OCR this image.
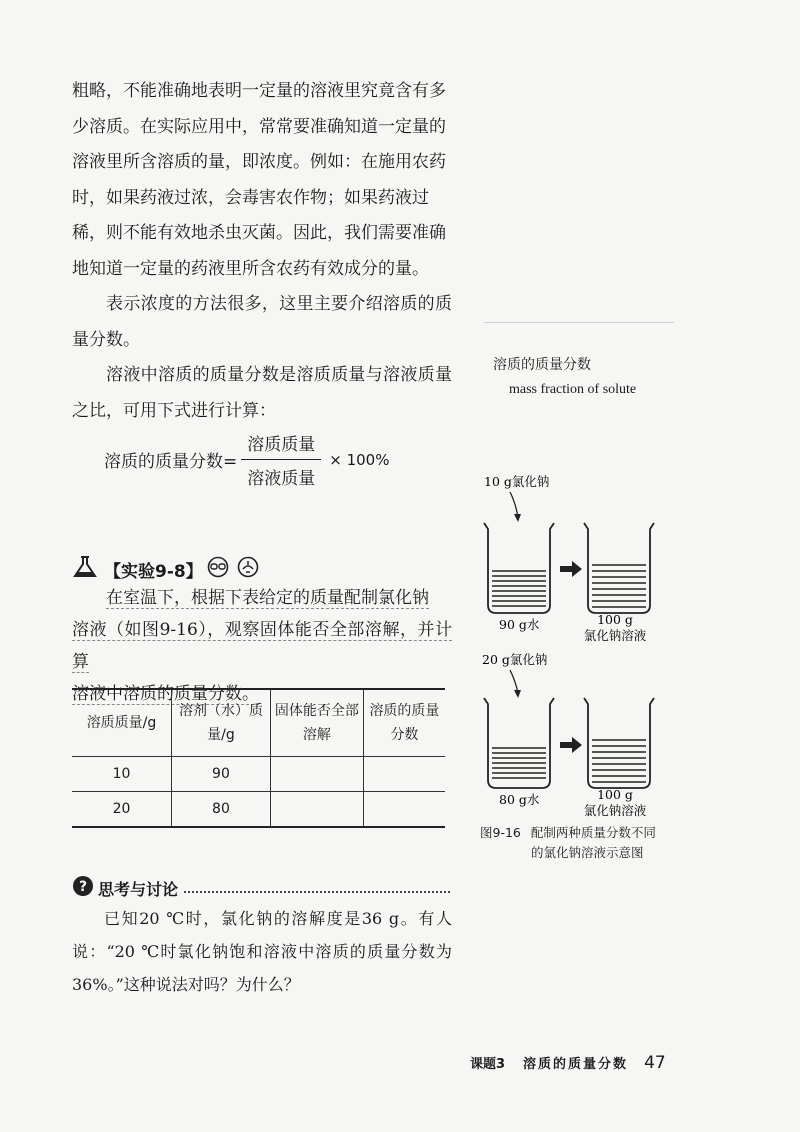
粗略，不能准确地表明一定量的溶液里究竟含有多
少溶质。在实际应用中，常常要准确知道一定量的
溶液里所含溶质的量，即浓度。例如：在施用农药
时，如果药液过浓，会毒害农作物；如果药液过
稀，则不能有效地杀虫灭菌。因此，我们需要准确
地知道一定量的药液里所含农药有效成分的量。

表示浓度的方法很多，这里主要介绍溶质的质量分数。

溶液中溶质的质量分数是溶质质量与溶液质量之比，可用下式进行计算：

溶质的质量分数= $\frac{\text{溶质质量}}{\text{溶液质量}} \times 100\%$
【实验9-8】
在室温下，根据下表给定的质量配制氯化钠
溶液（如图9-16），观察固体能否全部溶解，并计算
溶液中溶质的质量分数。
溶质质量/g	溶剂（水）质量/g	固体能否全部溶解	溶质的质量分数
10	90		
20	80		
? 思考与讨论
已知20 ℃时，氯化钠的溶解度是36 g。有人说：“20 ℃时氯化钠饱和溶液中溶质的质量分数为36%。”这种说法对吗？为什么？
溶质的质量分数
mass fraction of solute
10 g氯化钠
90 g水	100 g
氯化钠溶液
20 g氯化钠
80 g水	100 g
氯化钠溶液
图9-16 配制两种质量分数不同
的氯化钠溶液示意图
课题3 溶质的质量分数 47
